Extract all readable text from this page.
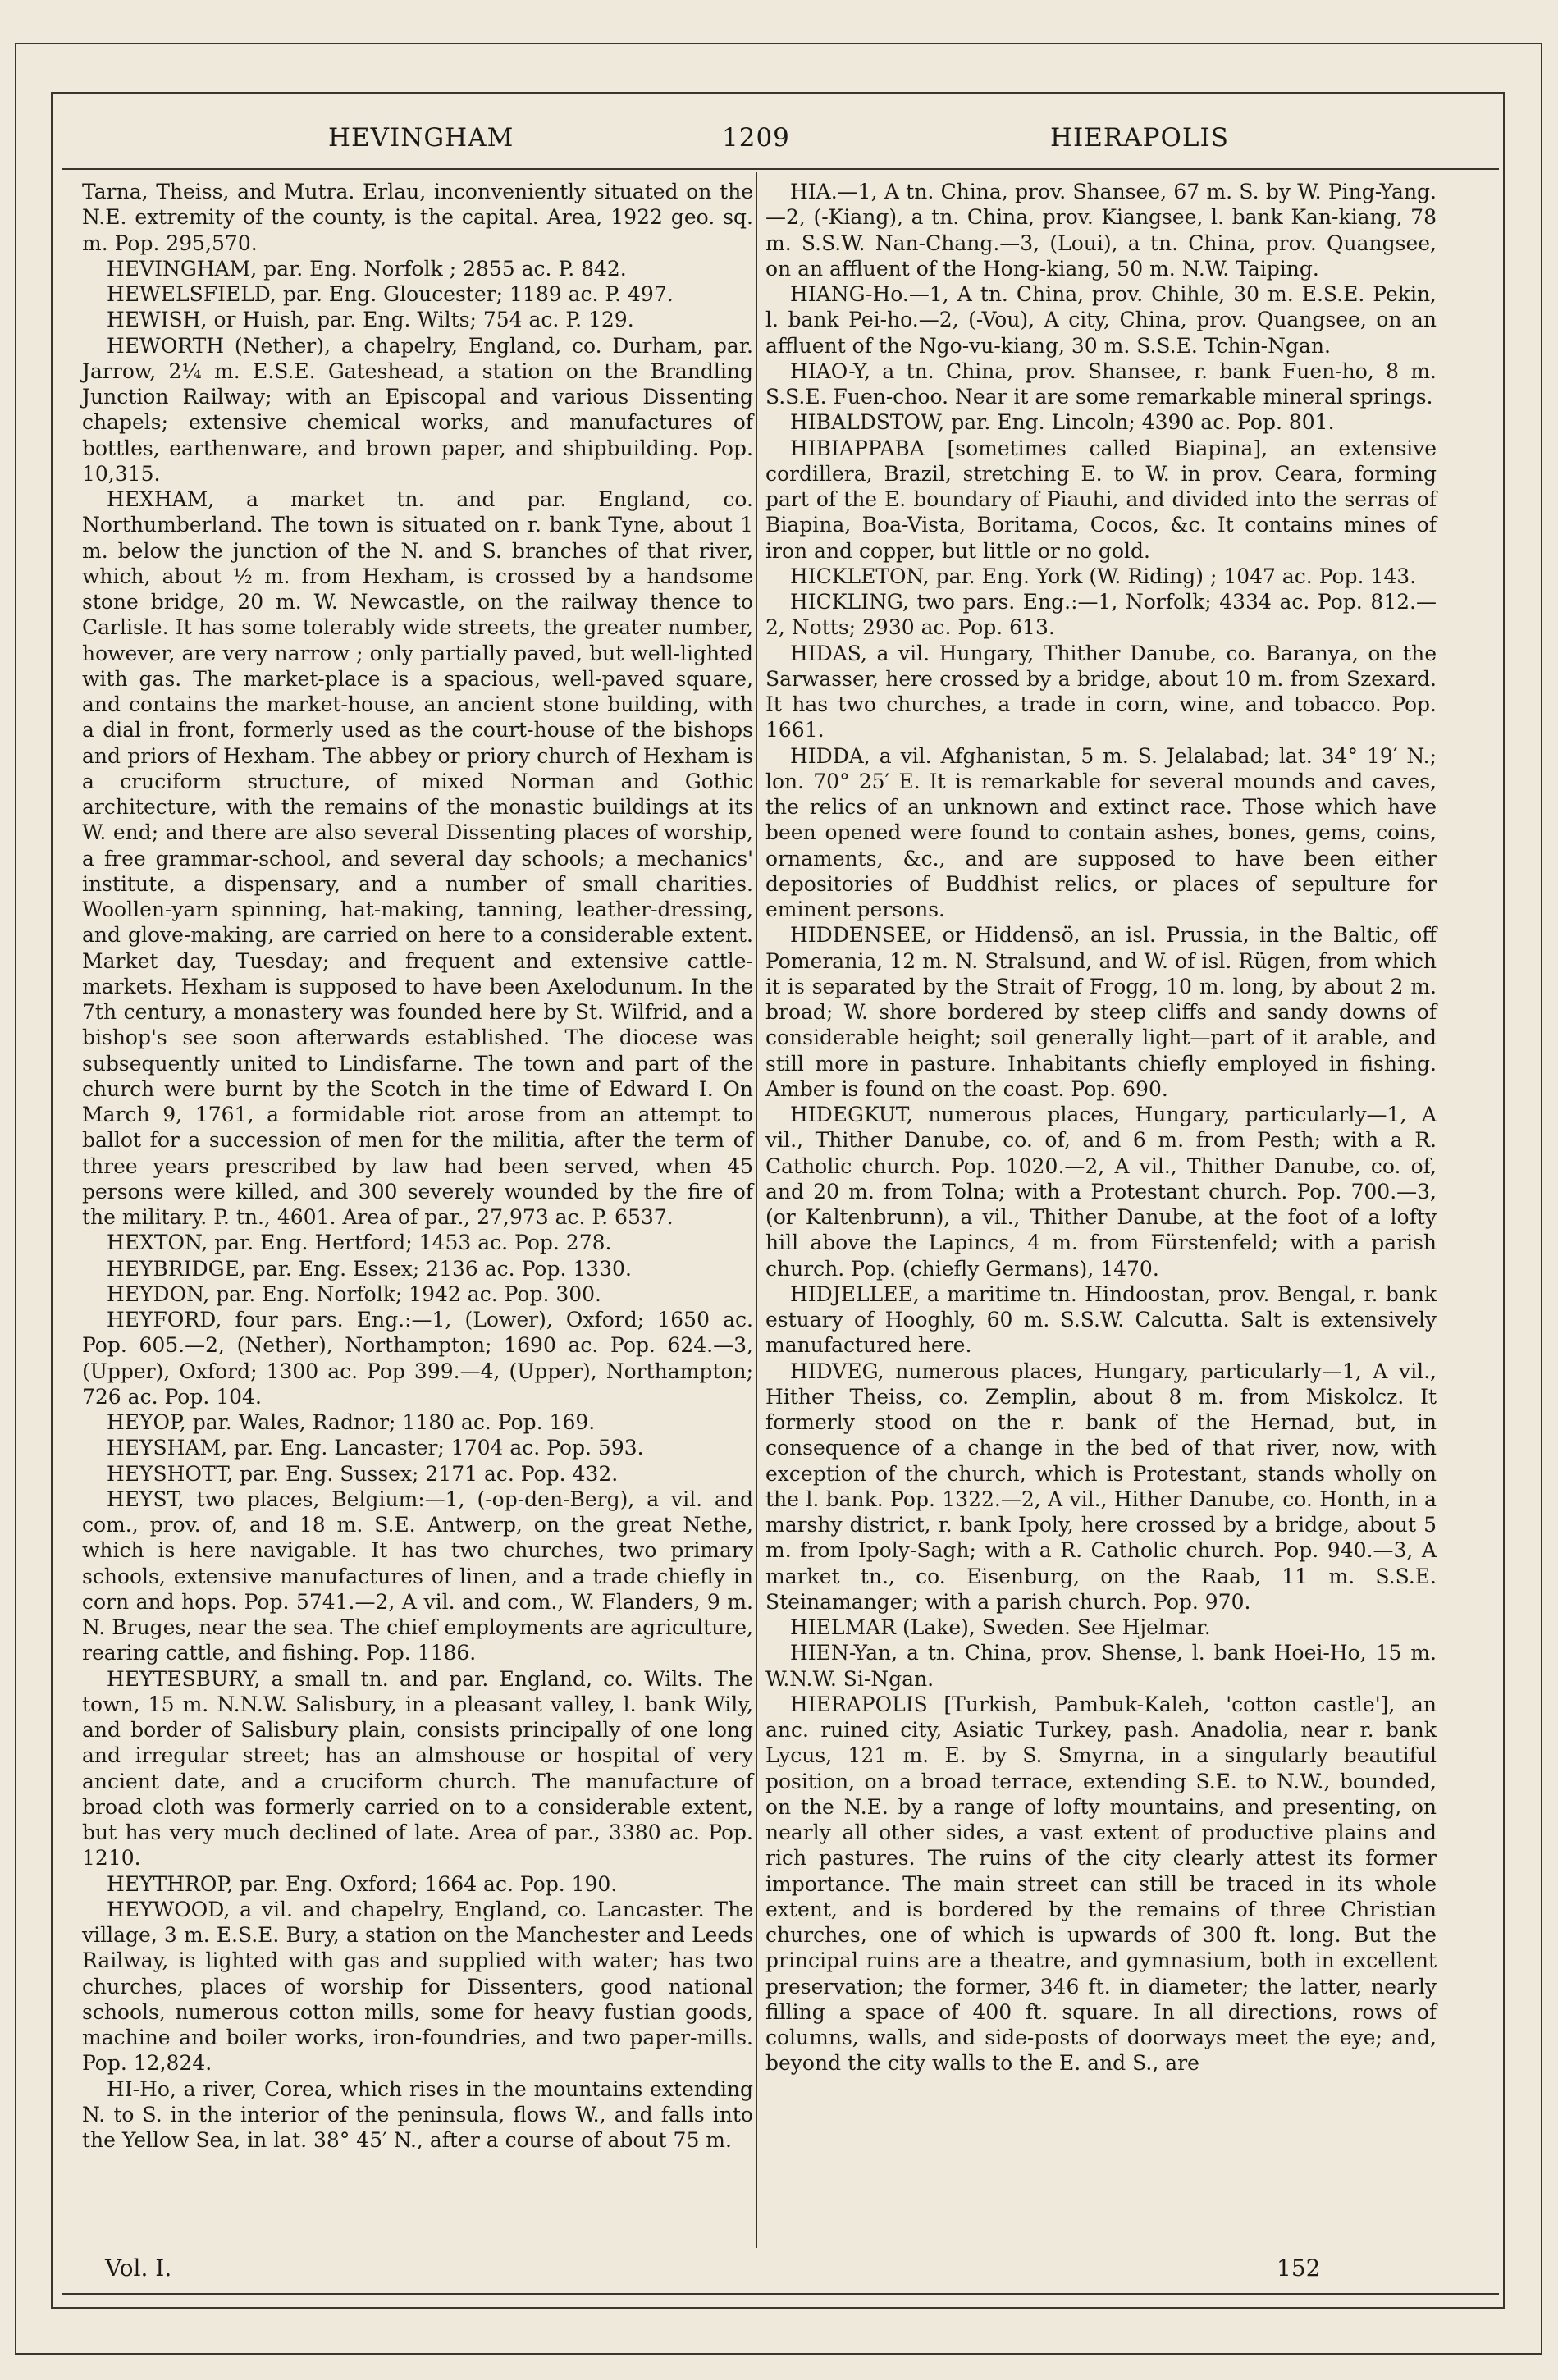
HEVINGHAM	1209	HIERAPOLIS

Tarna, Theiss, and Mutra. Erlau, inconveniently situated on the N.E. extremity of the county, is the capital. Area, 1922 geo. sq. m. Pop. 295,570.

HEVINGHAM, par. Eng. Norfolk ; 2855 ac. P. 842.

HEWELSFIELD, par. Eng. Gloucester; 1189 ac. P. 497.

HEWISH, or Huish, par. Eng. Wilts; 754 ac. P. 129.

HEWORTH (Nether), a chapelry, England, co. Durham, par. Jarrow, 2¼ m. E.S.E. Gateshead, a station on the Brandling Junction Railway; with an Episcopal and various Dissenting chapels; extensive chemical works, and manufactures of bottles, earthenware, and brown paper, and shipbuilding. Pop. 10,315.

HEXHAM, a market tn. and par. England, co. Northumberland. The town is situated on r. bank Tyne, about 1 m. below the junction of the N. and S. branches of that river, which, about ½ m. from Hexham, is crossed by a handsome stone bridge, 20 m. W. Newcastle, on the railway thence to Carlisle. It has some tolerably wide streets, the greater number, however, are very narrow ; only partially paved, but well-lighted with gas. The market-place is a spacious, well-paved square, and contains the market-house, an ancient stone building, with a dial in front, formerly used as the court-house of the bishops and priors of Hexham. The abbey or priory church of Hexham is a cruciform structure, of mixed Norman and Gothic architecture, with the remains of the monastic buildings at its W. end; and there are also several Dissenting places of worship, a free grammar-school, and several day schools; a mechanics' institute, a dispensary, and a number of small charities. Woollen-yarn spinning, hat-making, tanning, leather-dressing, and glove-making, are carried on here to a considerable extent. Market day, Tuesday; and frequent and extensive cattle-markets. Hexham is supposed to have been Axelodunum. In the 7th century, a monastery was founded here by St. Wilfrid, and a bishop's see soon afterwards established. The diocese was subsequently united to Lindisfarne. The town and part of the church were burnt by the Scotch in the time of Edward I. On March 9, 1761, a formidable riot arose from an attempt to ballot for a succession of men for the militia, after the term of three years prescribed by law had been served, when 45 persons were killed, and 300 severely wounded by the fire of the military. P. tn., 4601. Area of par., 27,973 ac. P. 6537.

HEXTON, par. Eng. Hertford; 1453 ac. Pop. 278.

HEYBRIDGE, par. Eng. Essex; 2136 ac. Pop. 1330.

HEYDON, par. Eng. Norfolk; 1942 ac. Pop. 300.

HEYFORD, four pars. Eng.:—1, (Lower), Oxford; 1650 ac. Pop. 605.—2, (Nether), Northampton; 1690 ac. Pop. 624.—3, (Upper), Oxford; 1300 ac. Pop 399.—4, (Upper), Northampton; 726 ac. Pop. 104.

HEYOP, par. Wales, Radnor; 1180 ac. Pop. 169.

HEYSHAM, par. Eng. Lancaster; 1704 ac. Pop. 593.

HEYSHOTT, par. Eng. Sussex; 2171 ac. Pop. 432.

HEYST, two places, Belgium:—1, (-op-den-Berg), a vil. and com., prov. of, and 18 m. S.E. Antwerp, on the great Nethe, which is here navigable. It has two churches, two primary schools, extensive manufactures of linen, and a trade chiefly in corn and hops. Pop. 5741.—2, A vil. and com., W. Flanders, 9 m. N. Bruges, near the sea. The chief employments are agriculture, rearing cattle, and fishing. Pop. 1186.

HEYTESBURY, a small tn. and par. England, co. Wilts. The town, 15 m. N.N.W. Salisbury, in a pleasant valley, l. bank Wily, and border of Salisbury plain, consists principally of one long and irregular street; has an almshouse or hospital of very ancient date, and a cruciform church. The manufacture of broad cloth was formerly carried on to a considerable extent, but has very much declined of late. Area of par., 3380 ac. Pop. 1210.

HEYTHROP, par. Eng. Oxford; 1664 ac. Pop. 190.

HEYWOOD, a vil. and chapelry, England, co. Lancaster. The village, 3 m. E.S.E. Bury, a station on the Manchester and Leeds Railway, is lighted with gas and supplied with water; has two churches, places of worship for Dissenters, good national schools, numerous cotton mills, some for heavy fustian goods, machine and boiler works, iron-foundries, and two paper-mills. Pop. 12,824.

HI-Ho, a river, Corea, which rises in the mountains extending N. to S. in the interior of the peninsula, flows W., and falls into the Yellow Sea, in lat. 38° 45′ N., after a course of about 75 m.

HIA.—1, A tn. China, prov. Shansee, 67 m. S. by W. Ping-Yang.—2, (-Kiang), a tn. China, prov. Kiangsee, l. bank Kan-kiang, 78 m. S.S.W. Nan-Chang.—3, (Loui), a tn. China, prov. Quangsee, on an affluent of the Hong-kiang, 50 m. N.W. Taiping.

HIANG-Ho.—1, A tn. China, prov. Chihle, 30 m. E.S.E. Pekin, l. bank Pei-ho.—2, (-Vou), A city, China, prov. Quangsee, on an affluent of the Ngo-vu-kiang, 30 m. S.S.E. Tchin-Ngan.

HIAO-Y, a tn. China, prov. Shansee, r. bank Fuen-ho, 8 m. S.S.E. Fuen-choo. Near it are some remarkable mineral springs.

HIBALDSTOW, par. Eng. Lincoln; 4390 ac. Pop. 801.

HIBIAPPABA [sometimes called Biapina], an extensive cordillera, Brazil, stretching E. to W. in prov. Ceara, forming part of the E. boundary of Piauhi, and divided into the serras of Biapina, Boa-Vista, Boritama, Cocos, &c. It contains mines of iron and copper, but little or no gold.

HICKLETON, par. Eng. York (W. Riding) ; 1047 ac. Pop. 143.

HICKLING, two pars. Eng.:—1, Norfolk; 4334 ac. Pop. 812.—2, Notts; 2930 ac. Pop. 613.

HIDAS, a vil. Hungary, Thither Danube, co. Baranya, on the Sarwasser, here crossed by a bridge, about 10 m. from Szexard. It has two churches, a trade in corn, wine, and tobacco. Pop. 1661.

HIDDA, a vil. Afghanistan, 5 m. S. Jelalabad; lat. 34° 19′ N.; lon. 70° 25′ E. It is remarkable for several mounds and caves, the relics of an unknown and extinct race. Those which have been opened were found to contain ashes, bones, gems, coins, ornaments, &c., and are supposed to have been either depositories of Buddhist relics, or places of sepulture for eminent persons.

HIDDENSEE, or Hiddensö, an isl. Prussia, in the Baltic, off Pomerania, 12 m. N. Stralsund, and W. of isl. Rügen, from which it is separated by the Strait of Frogg, 10 m. long, by about 2 m. broad; W. shore bordered by steep cliffs and sandy downs of considerable height; soil generally light—part of it arable, and still more in pasture. Inhabitants chiefly employed in fishing. Amber is found on the coast. Pop. 690.

HIDEGKUT, numerous places, Hungary, particularly—1, A vil., Thither Danube, co. of, and 6 m. from Pesth; with a R. Catholic church. Pop. 1020.—2, A vil., Thither Danube, co. of, and 20 m. from Tolna; with a Protestant church. Pop. 700.—3, (or Kaltenbrunn), a vil., Thither Danube, at the foot of a lofty hill above the Lapincs, 4 m. from Fürstenfeld; with a parish church. Pop. (chiefly Germans), 1470.

HIDJELLEE, a maritime tn. Hindoostan, prov. Bengal, r. bank estuary of Hooghly, 60 m. S.S.W. Calcutta. Salt is extensively manufactured here.

HIDVEG, numerous places, Hungary, particularly—1, A vil., Hither Theiss, co. Zemplin, about 8 m. from Miskolcz. It formerly stood on the r. bank of the Hernad, but, in consequence of a change in the bed of that river, now, with exception of the church, which is Protestant, stands wholly on the l. bank. Pop. 1322.—2, A vil., Hither Danube, co. Honth, in a marshy district, r. bank Ipoly, here crossed by a bridge, about 5 m. from Ipoly-Sagh; with a R. Catholic church. Pop. 940.—3, A market tn., co. Eisenburg, on the Raab, 11 m. S.S.E. Steinamanger; with a parish church. Pop. 970.

HIELMAR (Lake), Sweden. See Hjelmar.

HIEN-Yan, a tn. China, prov. Shense, l. bank Hoei-Ho, 15 m. W.N.W. Si-Ngan.

HIERAPOLIS [Turkish, Pambuk-Kaleh, 'cotton castle'], an anc. ruined city, Asiatic Turkey, pash. Anadolia, near r. bank Lycus, 121 m. E. by S. Smyrna, in a singularly beautiful position, on a broad terrace, extending S.E. to N.W., bounded, on the N.E. by a range of lofty mountains, and presenting, on nearly all other sides, a vast extent of productive plains and rich pastures. The ruins of the city clearly attest its former importance. The main street can still be traced in its whole extent, and is bordered by the remains of three Christian churches, one of which is upwards of 300 ft. long. But the principal ruins are a theatre, and gymnasium, both in excellent preservation; the former, 346 ft. in diameter; the latter, nearly filling a space of 400 ft. square. In all directions, rows of columns, walls, and side-posts of doorways meet the eye; and, beyond the city walls to the E. and S., are

Vol. I.	152
